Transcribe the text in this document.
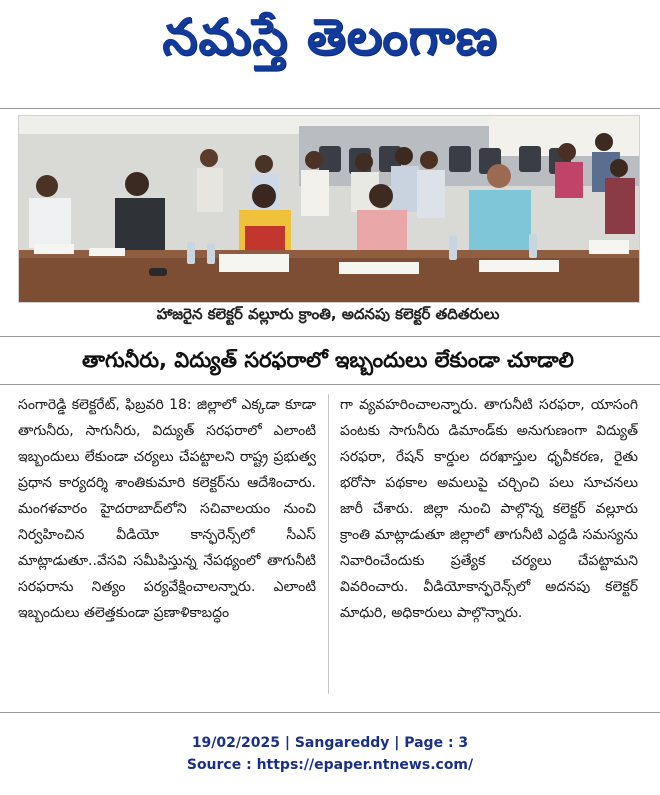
నమస్తే తెలంగాణ
హాజరైన కలెక్టర్ వల్లూరు క్రాంతి, అదనపు కలెక్టర్ తదితరులు
తాగునీరు, విద్యుత్ సరఫరాలో ఇబ్బందులు లేకుండా చూడాలి
సంగారెడ్డి కలెక్టరేట్, ఫిబ్రవరి 18: జిల్లాలో ఎక్కడా కూడా తాగునీరు, సాగునీరు, విద్యుత్ సరఫరాలో ఎలాంటి ఇబ్బందులు లేకుండా చర్యలు చేపట్టాలని రాష్ట్ర ప్రభుత్వ ప్రధాన కార్యదర్శి శాంతికుమారి కలెక్టర్‌ను ఆదేశించారు. మంగళవారం హైదరాబాద్‌లోని సచివాలయం నుంచి నిర్వహించిన వీడియో కాన్ఫరెన్స్‌లో సీఎస్ మాట్లాడుతూ..వేసవి సమీపిస్తున్న నేపథ్యంలో తాగునీటి సరఫరాను నిత్యం పర్యవేక్షించాలన్నారు. ఎలాంటి ఇబ్బందులు తలెత్తకుండా ప్రణాళికాబద్ధం
గా వ్యవహరించాలన్నారు. తాగునీటి సరఫరా, యాసంగి పంటకు సాగునీరు డిమాండ్‌కు అనుగుణంగా విద్యుత్ సరఫరా, రేషన్ కార్డుల దరఖాస్తుల ధృవీకరణ, రైతు భరోసా పథకాల అమలుపై చర్చించి పలు సూచనలు జారీ చేశారు. జిల్లా నుంచి పాల్గొన్న కలెక్టర్ వల్లూరు క్రాంతి మాట్లాడుతూ జిల్లాలో తాగునీటి ఎద్దడి సమస్యను నివారించేందుకు ప్రత్యేక చర్యలు చేపట్టామని వివరించారు. వీడియోకాన్ఫరెన్స్‌లో అదనపు కలెక్టర్ మాధురి, అధికారులు పాల్గొన్నారు.
19/02/2025 | Sangareddy | Page : 3
Source : https://epaper.ntnews.com/
